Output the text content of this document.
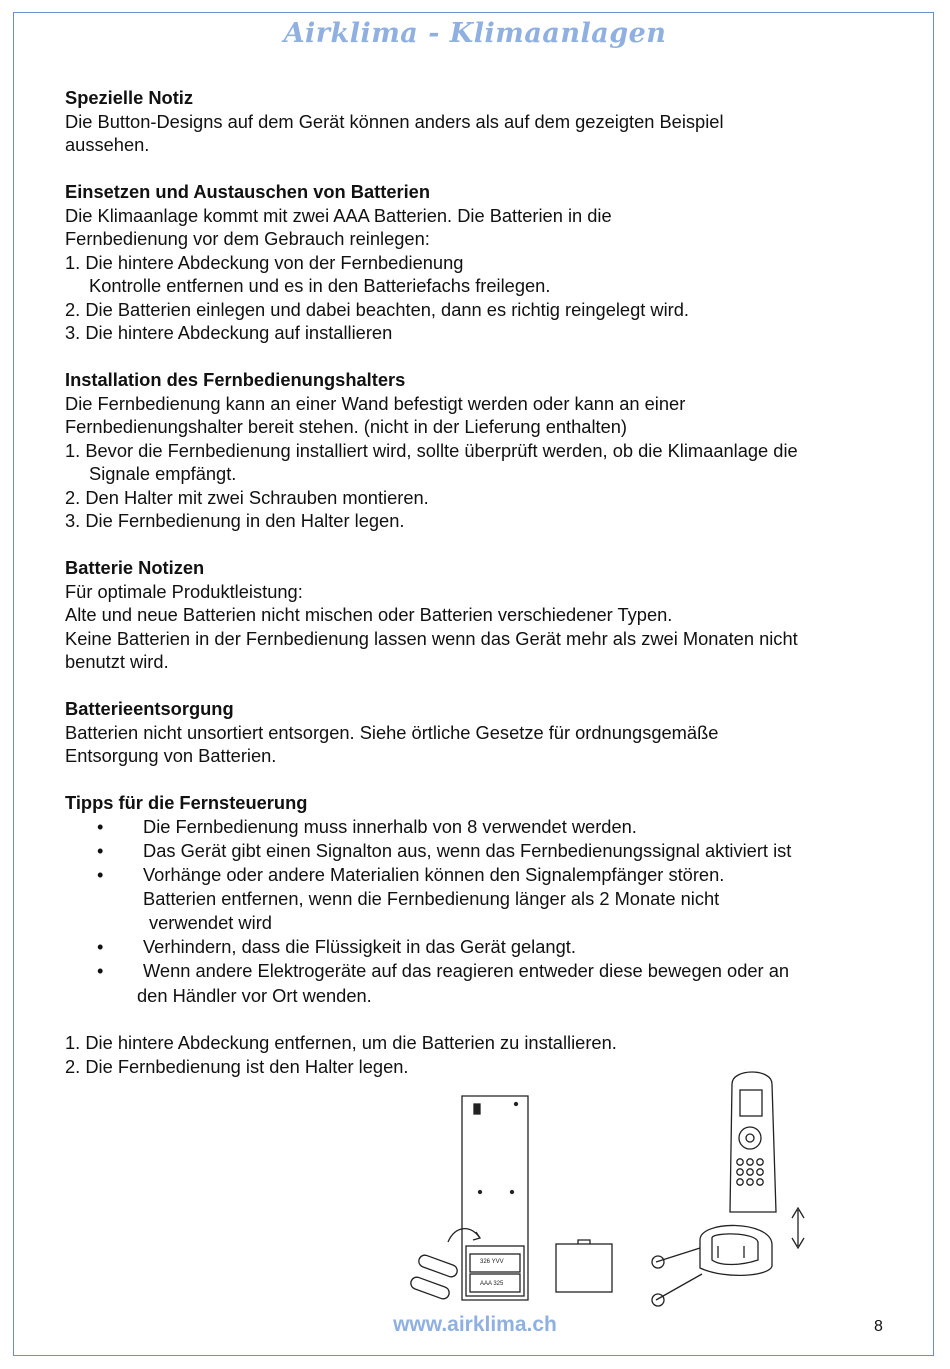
Airklima - Klimaanlagen

Spezielle Notiz

Die Button-Designs auf dem Gerät können anders als auf dem gezeigten Beispiel

aussehen.

Einsetzen und Austauschen von Batterien

Die Klimaanlage kommt mit zwei AAA Batterien. Die Batterien in die

Fernbedienung vor dem Gebrauch reinlegen:

1. Die hintere Abdeckung von der Fernbedienung

Kontrolle entfernen und es in den Batteriefachs freilegen.

2. Die Batterien einlegen und dabei beachten, dann es richtig reingelegt wird.

3. Die hintere Abdeckung auf installieren

Installation des Fernbedienungshalters

Die Fernbedienung kann an einer Wand befestigt werden oder kann an einer

Fernbedienungshalter bereit stehen. (nicht in der Lieferung enthalten)

1. Bevor die Fernbedienung installiert wird, sollte überprüft werden, ob die Klimaanlage die

Signale empfängt.

2. Den Halter mit zwei Schrauben montieren.

3. Die Fernbedienung in den Halter legen.

Batterie Notizen

Für optimale Produktleistung:

Alte und neue Batterien nicht mischen oder Batterien verschiedener Typen.

Keine Batterien in der Fernbedienung lassen wenn das Gerät mehr als zwei Monaten nicht

benutzt wird.

Batterieentsorgung

Batterien nicht unsortiert entsorgen. Siehe örtliche Gesetze für ordnungsgemäße

Entsorgung von Batterien.

Tipps für die Fernsteuerung

• Die Fernbedienung muss innerhalb von 8 verwendet werden.
• Das Gerät gibt einen Signalton aus, wenn das Fernbedienungssignal aktiviert ist
• Vorhänge oder andere Materialien können den Signalempfänger stören.

Batterien entfernen, wenn die Fernbedienung länger als 2 Monate nicht

verwendet wird

• Verhindern, dass die Flüssigkeit in das Gerät gelangt.
• Wenn andere Elektrogeräte auf das reagieren entweder diese bewegen oder an

den Händler vor Ort wenden.

1. Die hintere Abdeckung entfernen, um die Batterien zu installieren.

2. Die Fernbedienung ist den Halter legen.

326 YVV
AAA 325
www.airklima.ch	8
